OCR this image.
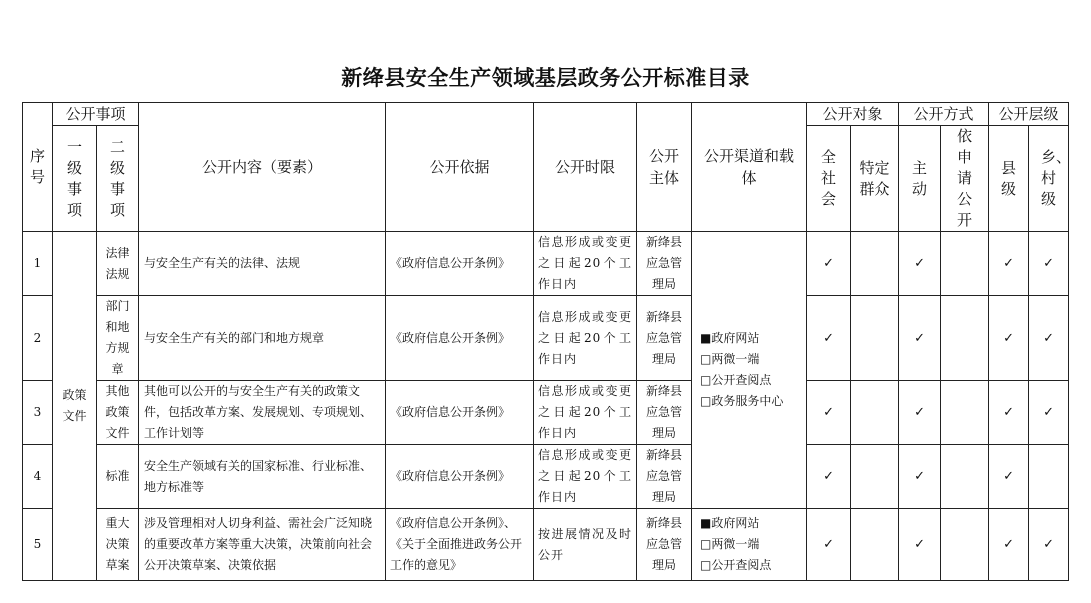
新绛县安全生产领域基层政务公开标准目录
序号	公开事项		公开内容（要素）	公开依据	公开时限	公开主体	公开渠道和载体	公开对象		公开方式		公开层级	
	一级事项	二级事项						全社会	特定群众	主动	依申请公开	县级	乡、村级
1	政策文件	法律法规	与安全生产有关的法律、法规	《政府信息公开条例》	信息形成或变更之日起20个工作日内	新绛县应急管理局	■政府网站
□两微一端
□公开查阅点
□政务服务中心	✓		✓		✓	✓
2		部门和地方规章	与安全生产有关的部门和地方规章	《政府信息公开条例》	信息形成或变更之日起20个工作日内	新绛县应急管理局		✓		✓		✓	✓
3		其他政策文件	其他可以公开的与安全生产有关的政策文件，包括改革方案、发展规划、专项规划、工作计划等	《政府信息公开条例》	信息形成或变更之日起20个工作日内	新绛县应急管理局		✓		✓		✓	✓
4		标准	安全生产领域有关的国家标准、行业标准、地方标准等	《政府信息公开条例》	信息形成或变更之日起20个工作日内	新绛县应急管理局		✓		✓		✓	
5		重大决策草案	涉及管理相对人切身利益、需社会广泛知晓的重要改革方案等重大决策，决策前向社会公开决策草案、决策依据	《政府信息公开条例》、《关于全面推进政务公开工作的意见》	按进展情况及时公开	新绛县应急管理局	■政府网站
□两微一端
□公开查阅点	✓		✓		✓	✓
